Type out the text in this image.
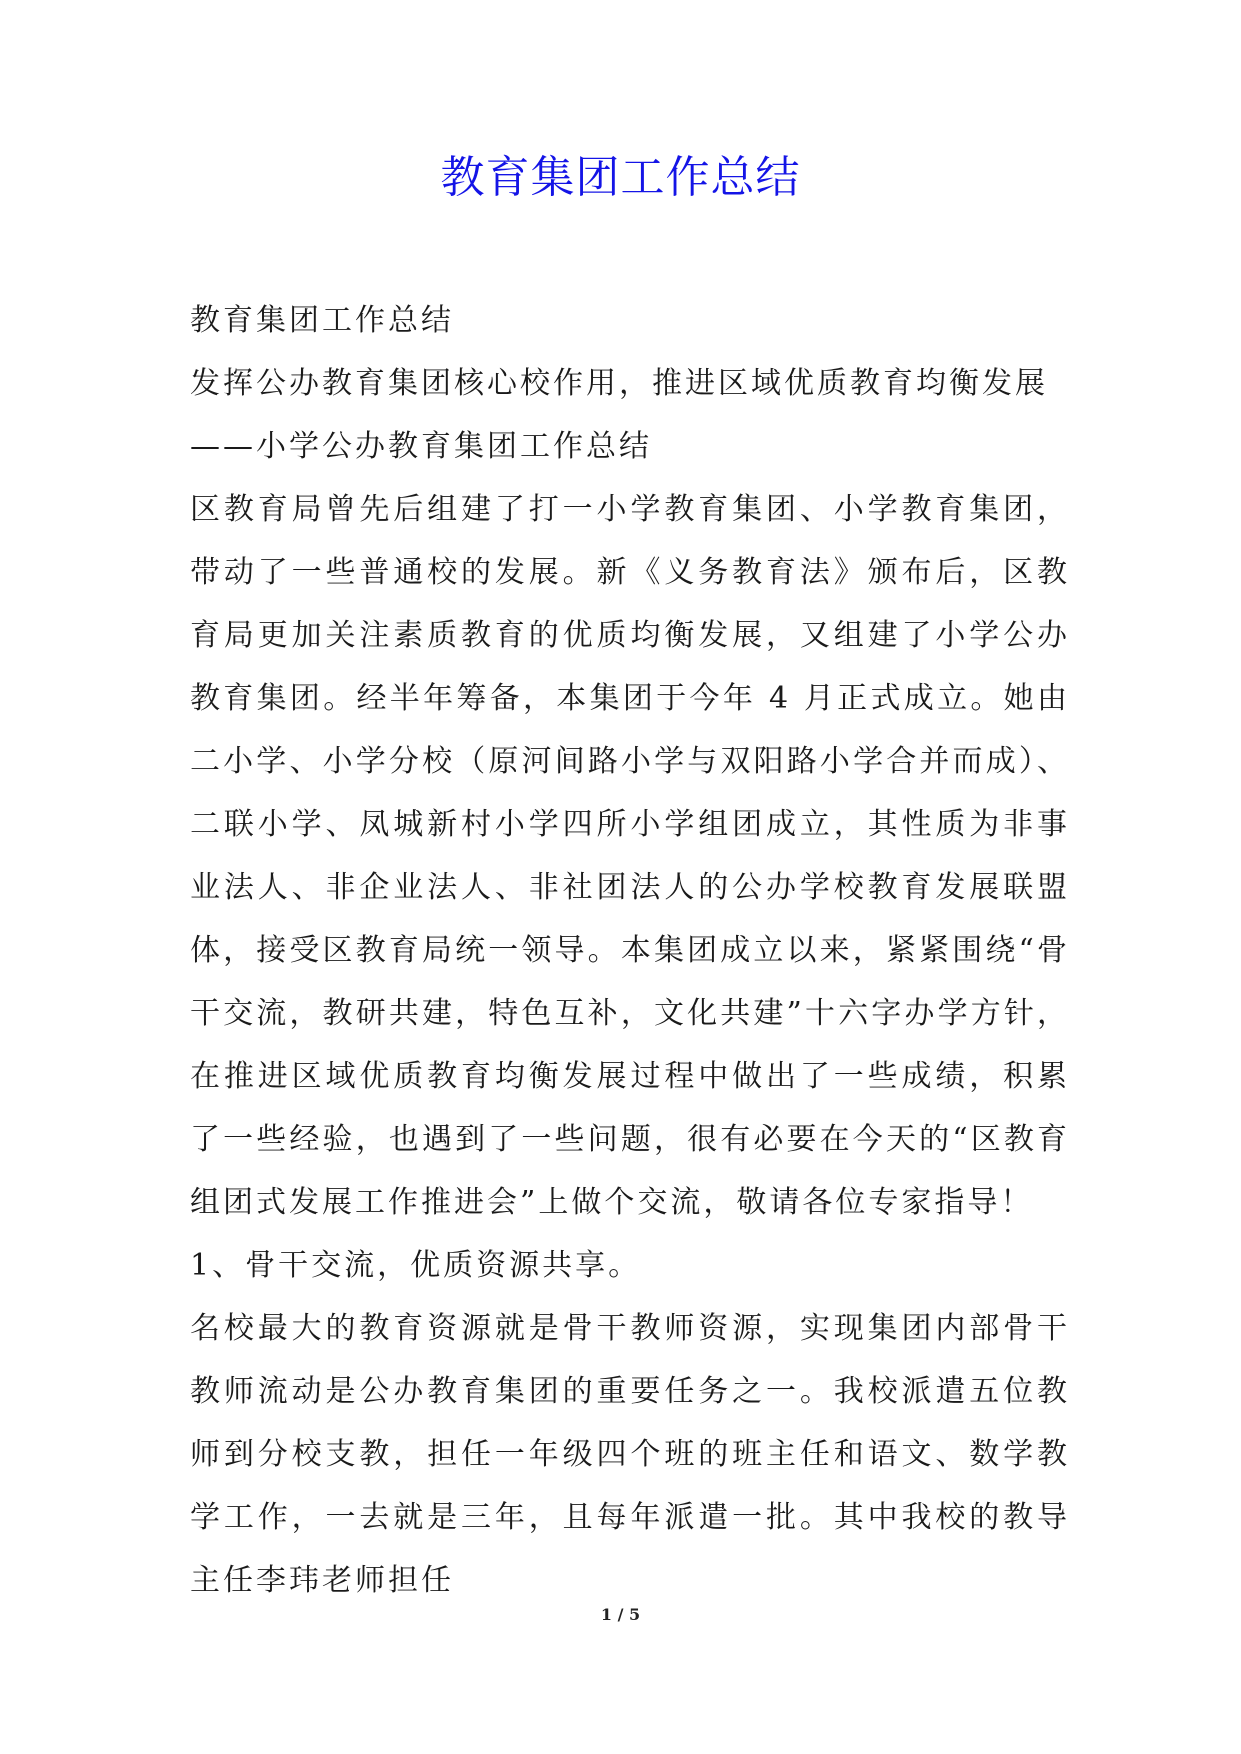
教育集团工作总结

教育集团工作总结

发挥公办教育集团核心校作用，推进区域优质教育均衡发展

——小学公办教育集团工作总结

区教育局曾先后组建了打一小学教育集团、小学教育集团，带动了一些普通校的发展。新《义务教育法》颁布后，区教育局更加关注素质教育的优质均衡发展，又组建了小学公办教育集团。经半年筹备，本集团于今年 4 月正式成立。她由二小学、小学分校（原河间路小学与双阳路小学合并而成）、二联小学、凤城新村小学四所小学组团成立，其性质为非事业法人、非企业法人、非社团法人的公办学校教育发展联盟体，接受区教育局统一领导。本集团成立以来，紧紧围绕“骨干交流，教研共建，特色互补，文化共建”十六字办学方针，在推进区域优质教育均衡发展过程中做出了一些成绩，积累了一些经验，也遇到了一些问题，很有必要在今天的“区教育组团式发展工作推进会”上做个交流，敬请各位专家指导！

1、骨干交流，优质资源共享。

名校最大的教育资源就是骨干教师资源，实现集团内部骨干教师流动是公办教育集团的重要任务之一。我校派遣五位教师到分校支教，担任一年级四个班的班主任和语文、数学教学工作，一去就是三年，且每年派遣一批。其中我校的教导主任李玮老师担任

1 / 5
